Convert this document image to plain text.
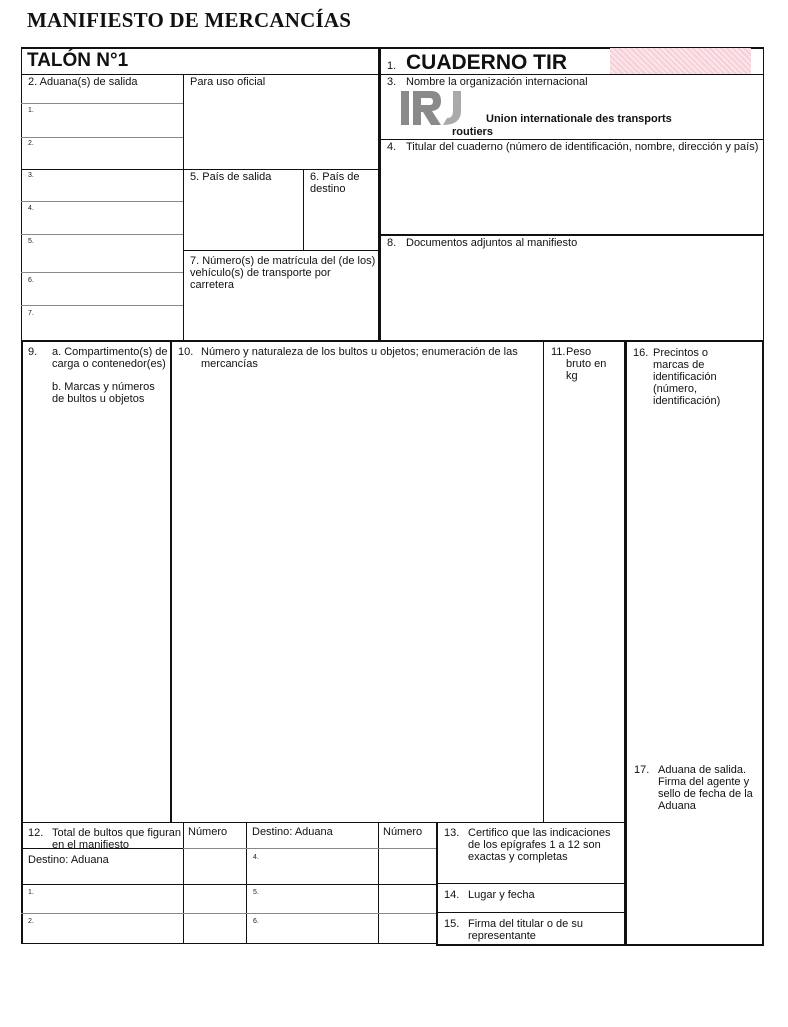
MANIFIESTO DE MERCANCÍAS
TALÓN N°1	1. CUADERNO TIR
2. Aduana(s) de salida
1.
2.
3.
4.
5.
6.
7.
Para uso oficial
5. País de salida	6. País de destino
7. Número(s) de matrícula del (de los) vehículo(s) de transporte por carretera
3. Nombre la organización internacional
Union internationale des transports
routiers
4. Titular del cuaderno (número de identificación, nombre, dirección y país)
8. Documentos adjuntos al manifiesto
9. a. Compartimento(s) de carga o contenedor(es)
b. Marcas y números de bultos u objetos
10. Número y naturaleza de los bultos u objetos; enumeración de las mercancías
11. Peso bruto en kg
16. Precintos o marcas de identificación (número, identificación)
17. Aduana de salida. Firma del agente y sello de fecha de la Aduana
12. Total de bultos que figuran en el manifiesto
Número Destino: Aduana	Número
Destino: Aduana
1.
2.
4.
5.
6.
13. Certifico que las indicaciones de los epígrafes 1 a 12 son exactas y completas
14. Lugar y fecha
15. Firma del titular o de su representante
